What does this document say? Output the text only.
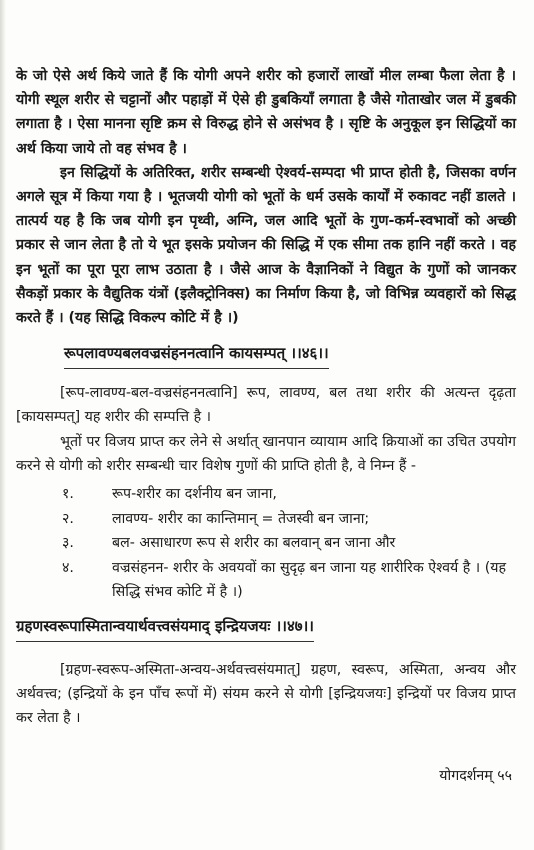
के जो ऐसे अर्थ किये जाते हैं कि योगी अपने शरीर को हजारों लाखों मील लम्बा फैला लेता है । योगी स्थूल शरीर से चट्टानों और पहाड़ों में ऐसे ही डुबकियाँ लगाता है जैसे गोताखोर जल में डुबकी लगाता है । ऐसा मानना सृष्टि क्रम से विरुद्ध होने से असंभव है । सृष्टि के अनुकूल इन सिद्धियों का अर्थ किया जाये तो वह संभव है ।

इन सिद्धियों के अतिरिक्त, शरीर सम्बन्धी ऐश्वर्य-सम्पदा भी प्राप्त होती है, जिसका वर्णन अगले सूत्र में किया गया है । भूतजयी योगी को भूतों के धर्म उसके कार्यों में रुकावट नहीं डालते । तात्पर्य यह है कि जब योगी इन पृथ्वी, अग्नि, जल आदि भूतों के गुण-कर्म-स्वभावों को अच्छी प्रकार से जान लेता है तो ये भूत इसके प्रयोजन की सिद्धि में एक सीमा तक हानि नहीं करते । वह इन भूतों का पूरा पूरा लाभ उठाता है । जैसे आज के वैज्ञानिकों ने विद्युत के गुणों को जानकर सैकड़ों प्रकार के वैद्युतिक यंत्रों (इलैक्ट्रोनिक्स) का निर्माण किया है, जो विभिन्न व्यवहारों को सिद्ध करते हैं । (यह सिद्धि विकल्प कोटि में है ।)

रूपलावण्यबलवज्रसंहननत्वानि कायसम्पत् ।।४६।।

[रूप-लावण्य-बल-वज्रसंहननत्वानि] रूप, लावण्य, बल तथा शरीर की अत्यन्त दृढ़ता [कायसम्पत्] यह शरीर की सम्पत्ति है ।

भूतों पर विजय प्राप्त कर लेने से अर्थात् खानपान व्यायाम आदि क्रियाओं का उचित उपयोग करने से योगी को शरीर सम्बन्धी चार विशेष गुणों की प्राप्ति होती है, वे निम्न हैं -

१.	रूप-शरीर का दर्शनीय बन जाना,
२.	लावण्य- शरीर का कान्तिमान् = तेजस्वी बन जाना;
३.	बल- असाधारण रूप से शरीर का बलवान् बन जाना और
४.	वज्रसंहनन- शरीर के अवयवों का सुदृढ़ बन जाना यह शारीरिक ऐश्वर्य है । (यह सिद्धि संभव कोटि में है ।)
ग्रहणस्वरूपास्मितान्वयार्थवत्त्वसंयमाद् इन्द्रियजयः ।।४७।।

[ग्रहण-स्वरूप-अस्मिता-अन्वय-अर्थवत्त्वसंयमात्] ग्रहण, स्वरूप, अस्मिता, अन्वय और अर्थवत्त्व; (इन्द्रियों के इन पाँच रूपों में) संयम करने से योगी [इन्द्रियजयः] इन्द्रियों पर विजय प्राप्त कर लेता है ।

योगदर्शनम् ५५
